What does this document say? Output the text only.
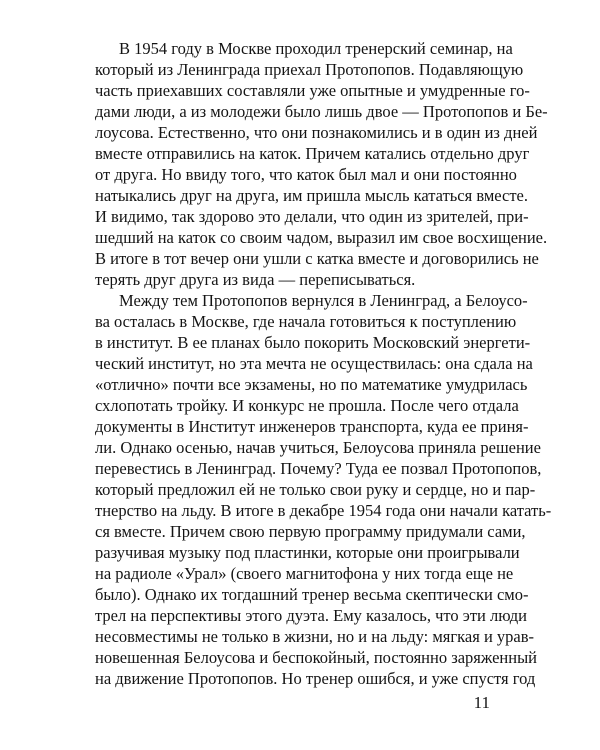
В 1954 году в Москве проходил тренерский семинар, на
который из Ленинграда приехал Протопопов. Подавляющую
часть приехавших составляли уже опытные и умудренные го-
дами люди, а из молодежи было лишь двое — Протопопов и Бе-
лоусова. Естественно, что они познакомились и в один из дней
вместе отправились на каток. Причем катались отдельно друг
от друга. Но ввиду того, что каток был мал и они постоянно
натыкались друг на друга, им пришла мысль кататься вместе.
И видимо, так здорово это делали, что один из зрителей, при-
шедший на каток со своим чадом, выразил им свое восхищение.
В итоге в тот вечер они ушли с катка вместе и договорились не
терять друг друга из вида — переписываться.
Между тем Протопопов вернулся в Ленинград, а Белоусо-
ва осталась в Москве, где начала готовиться к поступлению
в институт. В ее планах было покорить Московский энергети-
ческий институт, но эта мечта не осуществилась: она сдала на
«отлично» почти все экзамены, но по математике умудрилась
схлопотать тройку. И конкурс не прошла. После чего отдала
документы в Институт инженеров транспорта, куда ее приня-
ли. Однако осенью, начав учиться, Белоусова приняла решение
перевестись в Ленинград. Почему? Туда ее позвал Протопопов,
который предложил ей не только свои руку и сердце, но и пар-
тнерство на льду. В итоге в декабре 1954 года они начали катать-
ся вместе. Причем свою первую программу придумали сами,
разучивая музыку под пластинки, которые они проигрывали
на радиоле «Урал» (своего магнитофона у них тогда еще не
было). Однако их тогдашний тренер весьма скептически смо-
трел на перспективы этого дуэта. Ему казалось, что эти люди
несовместимы не только в жизни, но и на льду: мягкая и урав-
новешенная Белоусова и беспокойный, постоянно заряженный
на движение Протопопов. Но тренер ошибся, и уже спустя год
11
